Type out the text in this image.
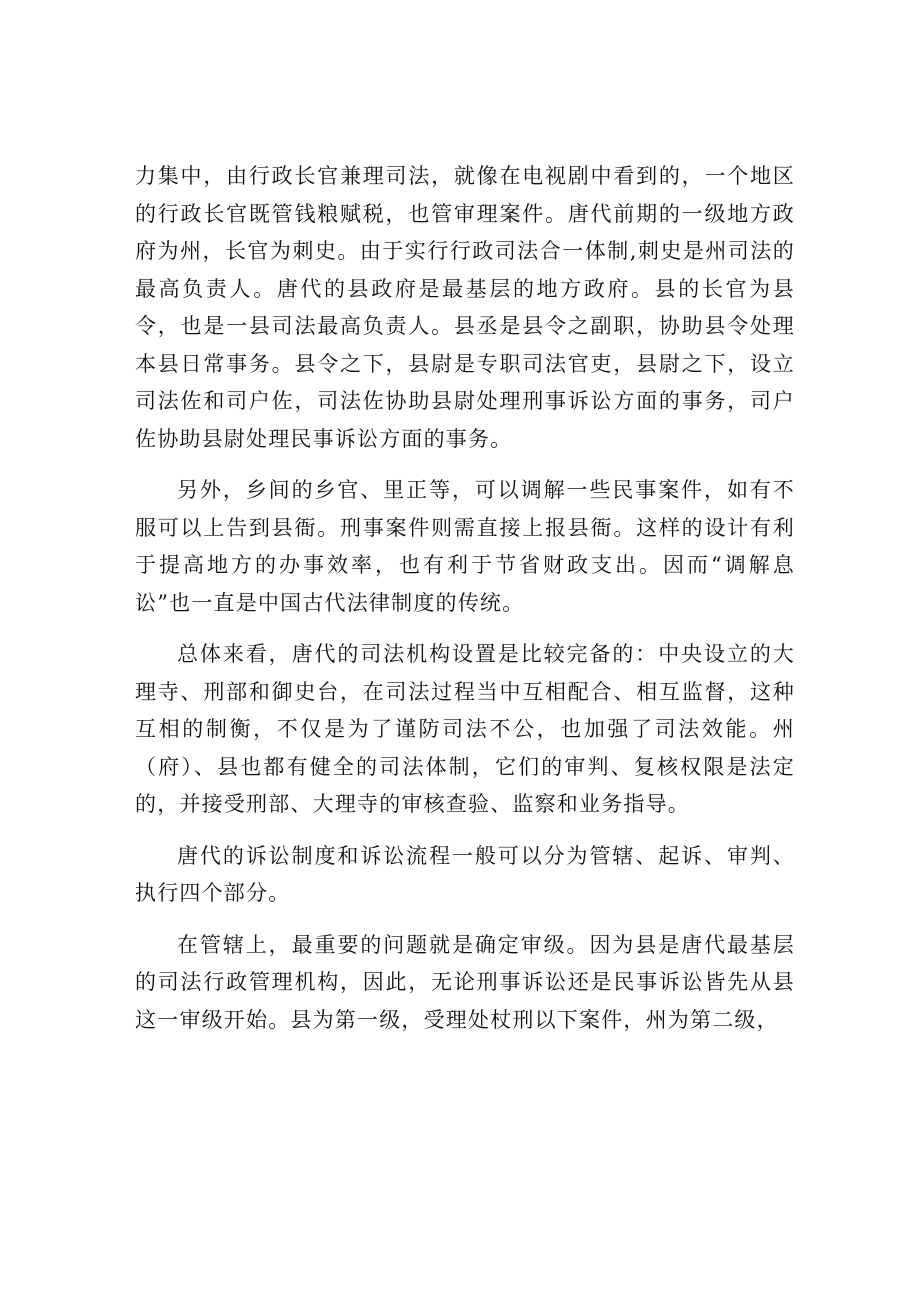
力集中，由行政长官兼理司法，就像在电视剧中看到的，一个地区的行政长官既管钱粮赋税，也管审理案件。唐代前期的一级地方政府为州，长官为刺史。由于实行行政司法合一体制,刺史是州司法的最高负责人。唐代的县政府是最基层的地方政府。县的长官为县令，也是一县司法最高负责人。县丞是县令之副职，协助县令处理本县日常事务。县令之下，县尉是专职司法官吏，县尉之下，设立司法佐和司户佐，司法佐协助县尉处理刑事诉讼方面的事务，司户佐协助县尉处理民事诉讼方面的事务。

另外，乡间的乡官、里正等，可以调解一些民事案件，如有不服可以上告到县衙。刑事案件则需直接上报县衙。这样的设计有利于提高地方的办事效率，也有利于节省财政支出。因而“调解息讼”也一直是中国古代法律制度的传统。

总体来看，唐代的司法机构设置是比较完备的：中央设立的大理寺、刑部和御史台，在司法过程当中互相配合、相互监督，这种互相的制衡，不仅是为了谨防司法不公，也加强了司法效能。州（府）、县也都有健全的司法体制，它们的审判、复核权限是法定的，并接受刑部、大理寺的审核查验、监察和业务指导。

唐代的诉讼制度和诉讼流程一般可以分为管辖、起诉、审判、执行四个部分。

在管辖上，最重要的问题就是确定审级。因为县是唐代最基层的司法行政管理机构，因此，无论刑事诉讼还是民事诉讼皆先从县这一审级开始。县为第一级，受理处杖刑以下案件，州为第二级，
